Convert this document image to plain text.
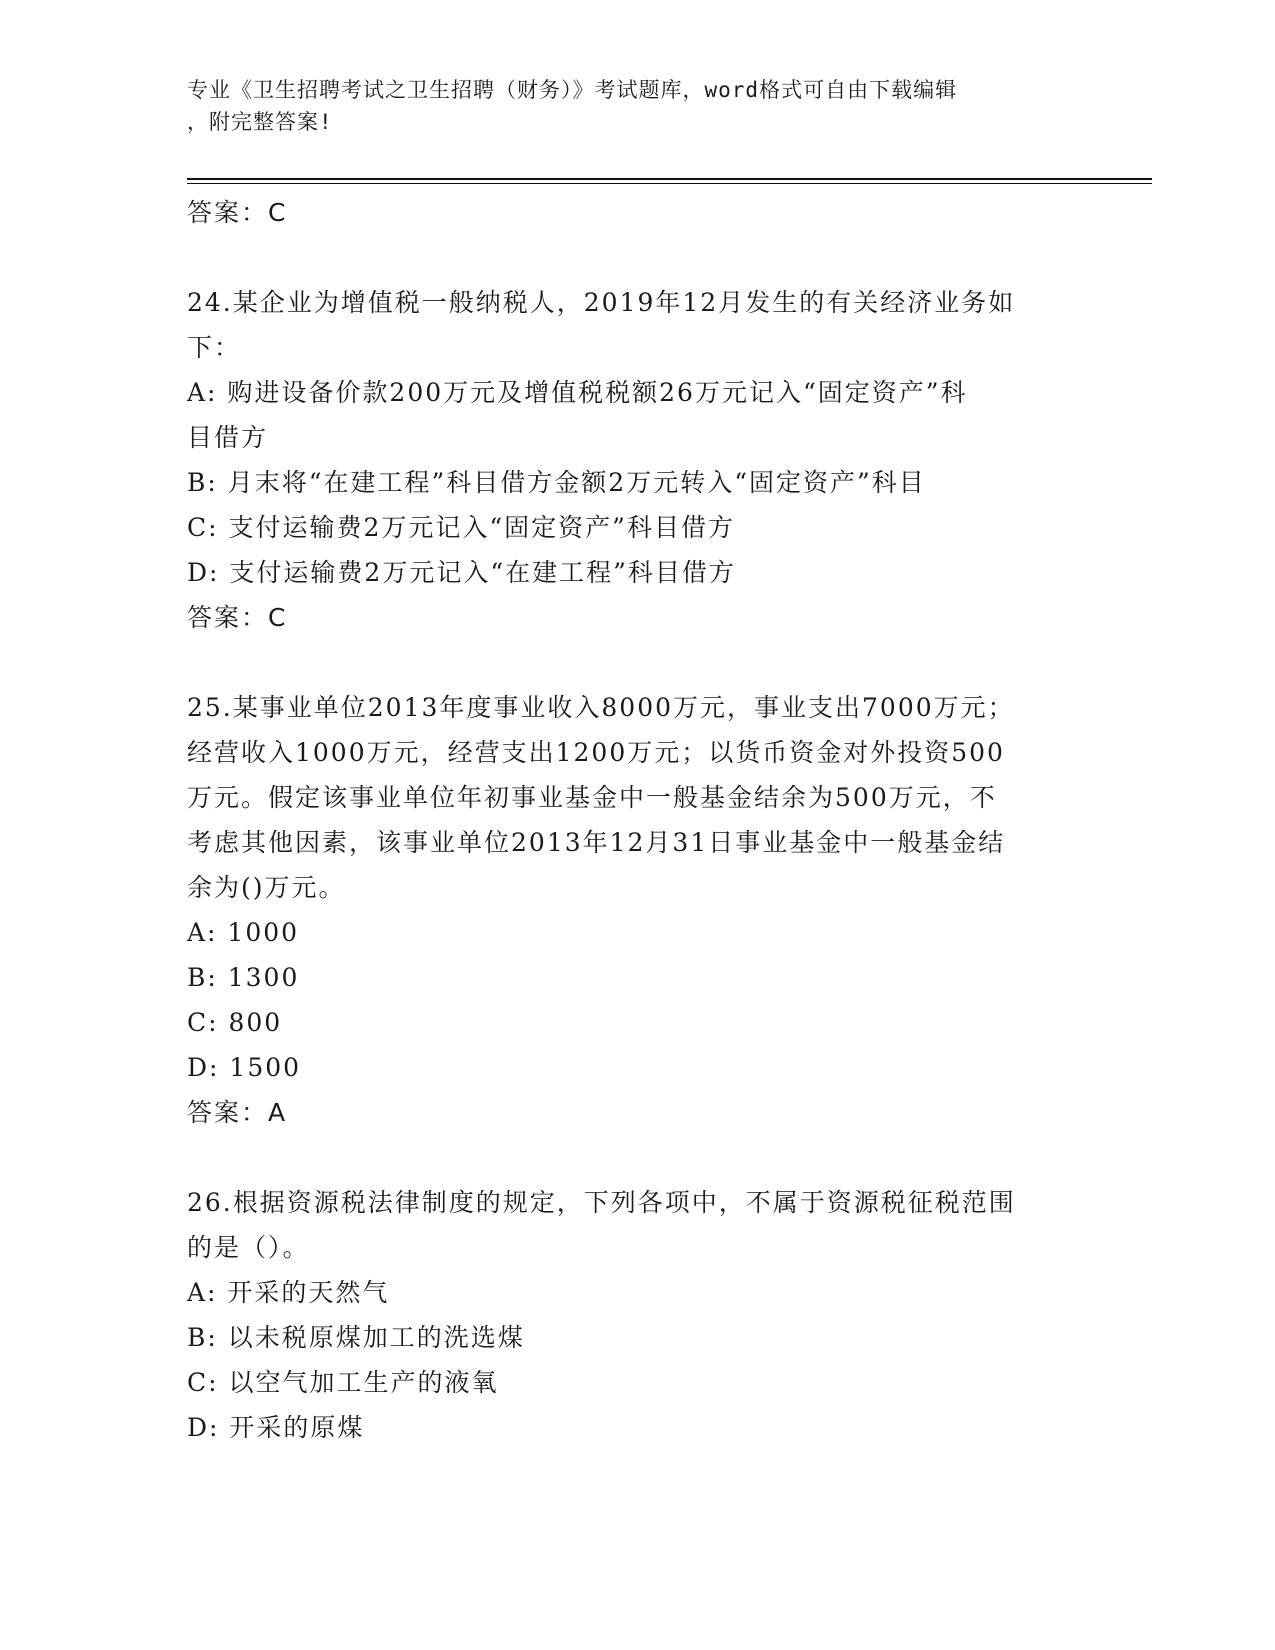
专业《卫生招聘考试之卫生招聘（财务）》考试题库，word格式可自由下载编辑
，附完整答案!
答案：C
24.某企业为增值税一般纳税人，2019年12月发生的有关经济业务如
下：
A: 购进设备价款200万元及增值税税额26万元记入“固定资产”科
目借方
B: 月末将“在建工程”科目借方金额2万元转入“固定资产”科目
C: 支付运输费2万元记入“固定资产”科目借方
D: 支付运输费2万元记入“在建工程”科目借方
答案：C
25.某事业单位2013年度事业收入8000万元，事业支出7000万元；
经营收入1000万元，经营支出1200万元；以货币资金对外投资500
万元。假定该事业单位年初事业基金中一般基金结余为500万元，不
考虑其他因素，该事业单位2013年12月31日事业基金中一般基金结
余为()万元。
A: 1000
B: 1300
C: 800
D: 1500
答案：A
26.根据资源税法律制度的规定，下列各项中，不属于资源税征税范围
的是（）。
A: 开采的天然气
B: 以未税原煤加工的洗选煤
C: 以空气加工生产的液氧
D: 开采的原煤
